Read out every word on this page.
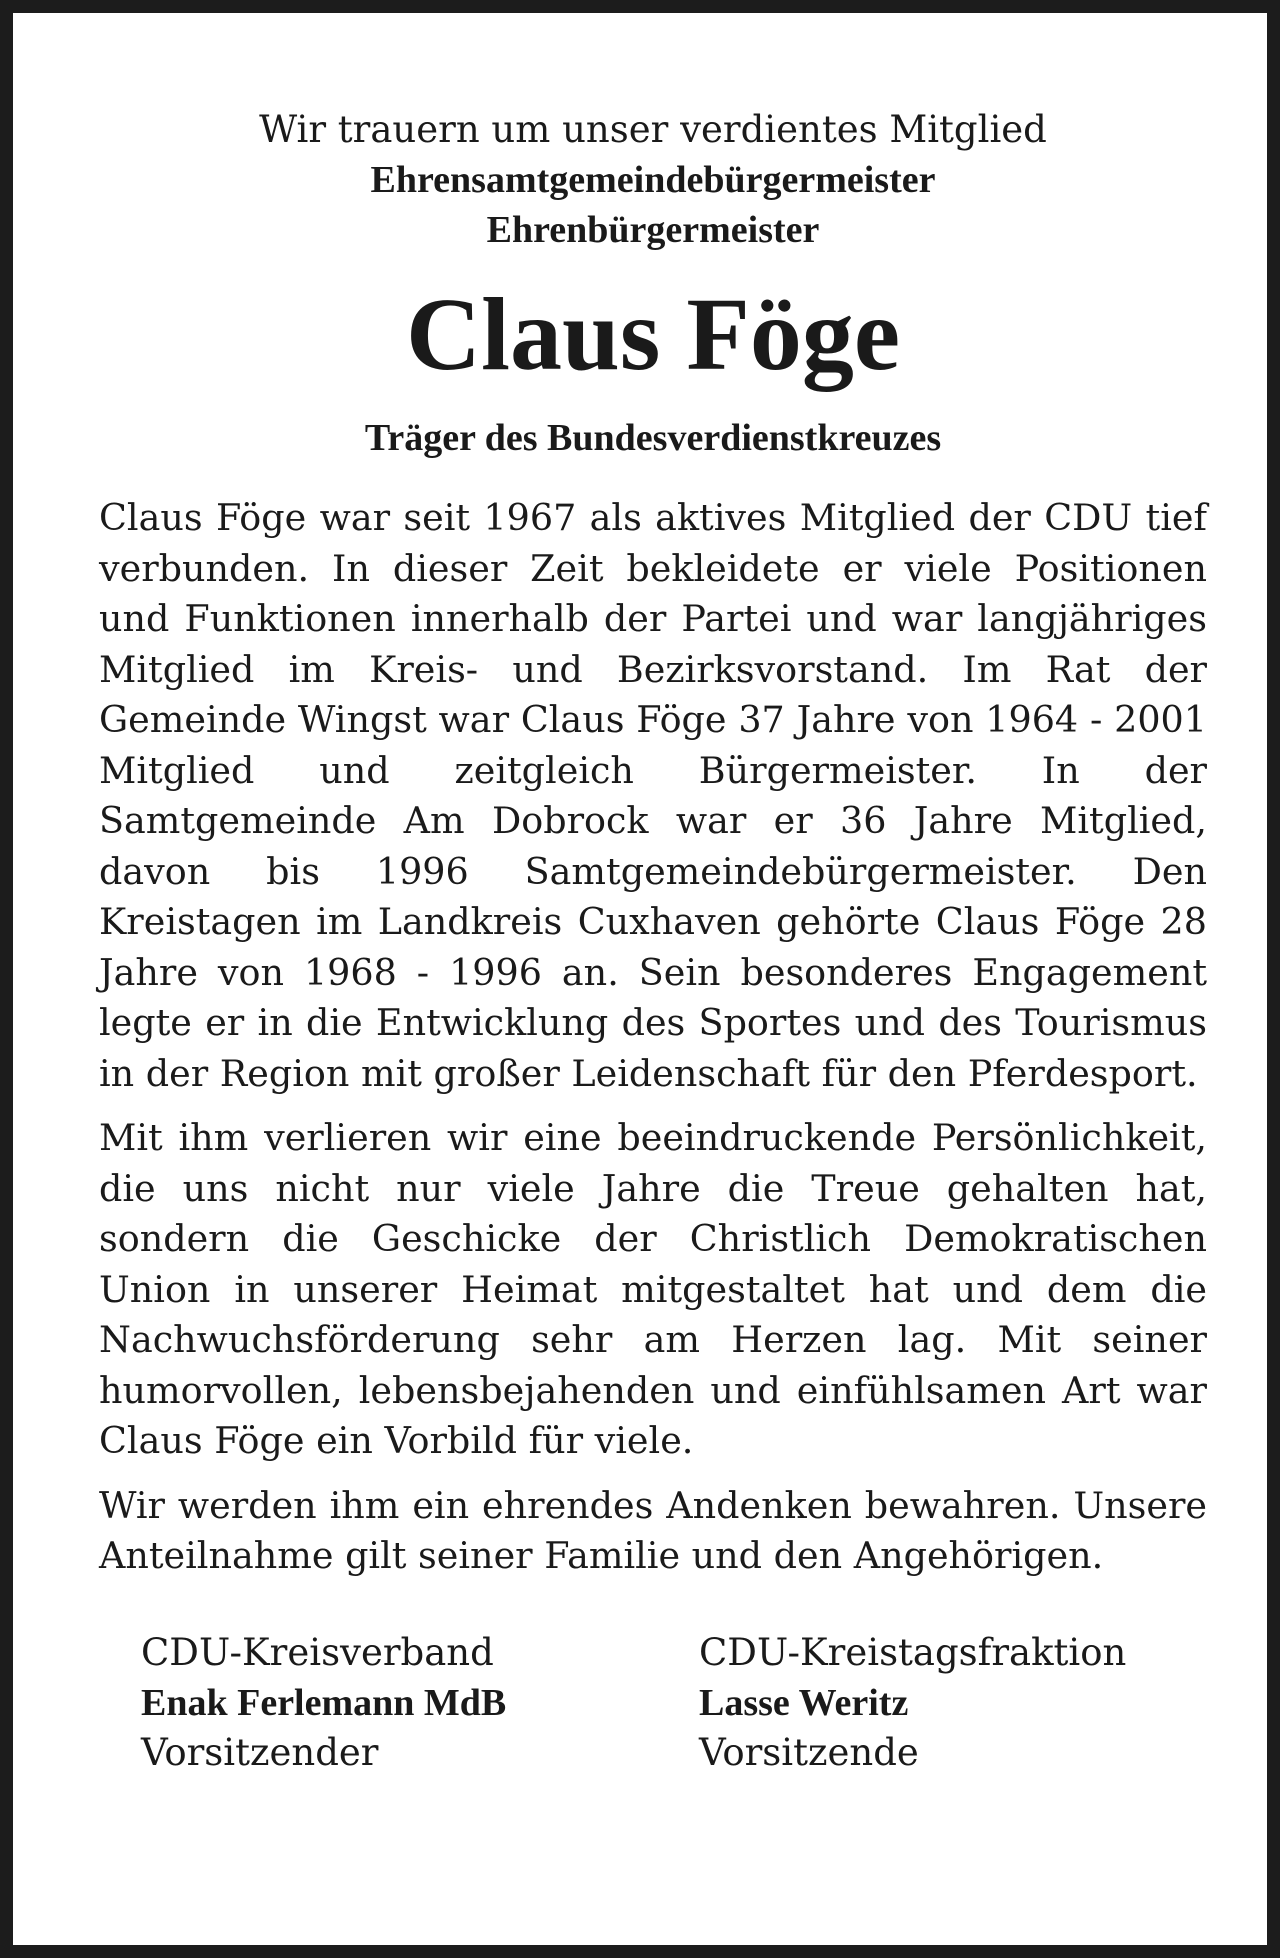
Wir trauern um unser verdientes Mitglied

Ehrensamtgemeindebürgermeister

Ehrenbürgermeister

Claus Föge

Träger des Bundesverdienstkreuzes

Claus Föge war seit 1967 als aktives Mitglied der CDU tief verbunden. In dieser Zeit bekleidete er viele Positionen und Funktionen innerhalb der Partei und war langjähriges Mitglied im Kreis- und Bezirksvorstand. Im Rat der Gemeinde Wingst war Claus Föge 37 Jahre von 1964 - 2001 Mitglied und zeitgleich Bürgermeister. In der Samtgemeinde Am Dobrock war er 36 Jahre Mitglied, davon bis 1996 Samtgemeindebürgermeister. Den Kreistagen im Landkreis Cuxhaven gehörte Claus Föge 28 Jahre von 1968 - 1996 an. Sein besonderes Engagement legte er in die Entwicklung des Sportes und des Tourismus in der Region mit großer Leidenschaft für den Pferdesport.

Mit ihm verlieren wir eine beeindruckende Persönlichkeit, die uns nicht nur viele Jahre die Treue gehalten hat, sondern die Geschicke der Christlich Demokratischen Union in unserer Heimat mitgestaltet hat und dem die Nachwuchsförderung sehr am Herzen lag. Mit seiner humorvollen, lebensbejahenden und einfühlsamen Art war Claus Föge ein Vorbild für viele.

Wir werden ihm ein ehrendes Andenken bewahren. Unsere Anteilnahme gilt seiner Familie und den Angehörigen.

CDU-Kreisverband
Enak Ferlemann MdB
Vorsitzender
CDU-Kreistagsfraktion
Lasse Weritz
Vorsitzende
